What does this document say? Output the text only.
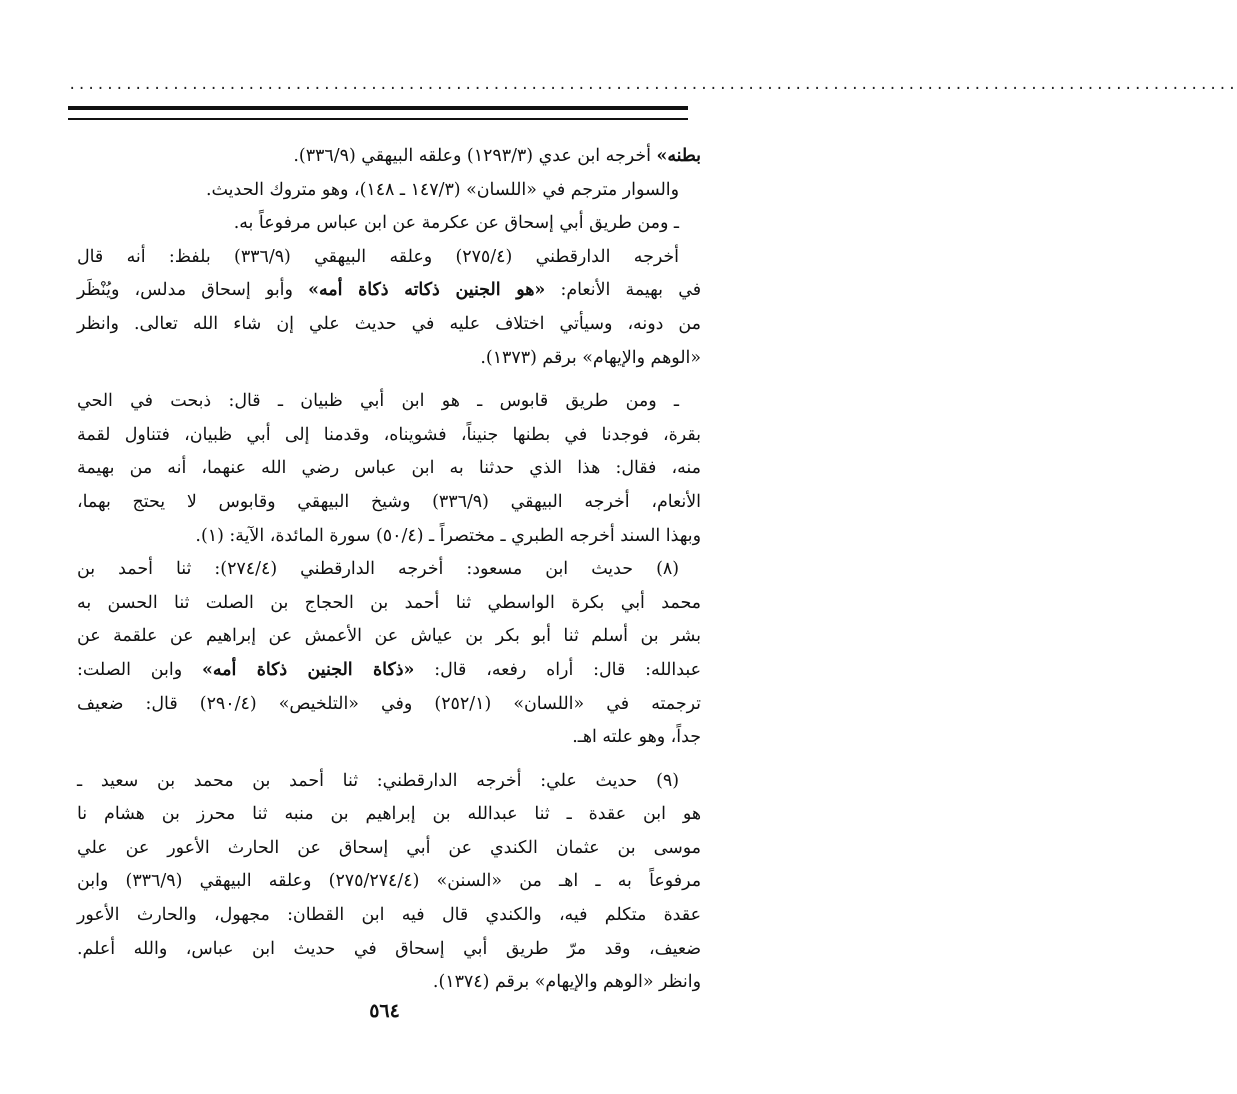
............................................................................................................................

بطنه» أخرجه ابن عدي (١٢٩٣/٣) وعلقه البيهقي (٣٣٦/٩).

والسوار مترجم في «اللسان» (١٤٧/٣ ـ ١٤٨)، وهو متروك الحديث.

ـ ومن طريق أبي إسحاق عن عكرمة عن ابن عباس مرفوعاً به.

أخرجه الدارقطني (٢٧٥/٤) وعلقه البيهقي (٣٣٦/٩) بلفظ: أنه قال
في بهيمة الأنعام: «هو الجنين ذكاته ذكاة أمه» وأبو إسحاق مدلس، ويُنْظَر
من دونه، وسيأتي اختلاف عليه في حديث علي إن شاء الله تعالى. وانظر
«الوهم والإيهام» برقم (١٣٧٣).

ـ ومن طريق قابوس ـ هو ابن أبي ظبيان ـ قال: ذبحت في الحي
بقرة، فوجدنا في بطنها جنيناً، فشويناه، وقدمنا إلى أبي ظبيان، فتناول لقمة
منه، فقال: هذا الذي حدثنا به ابن عباس رضي الله عنهما، أنه من بهيمة
الأنعام، أخرجه البيهقي (٣٣٦/٩) وشيخ البيهقي وقابوس لا يحتج بهما،
وبهذا السند أخرجه الطبري ـ مختصراً ـ (٥٠/٤) سورة المائدة، الآية: (١).

(٨) حديث ابن مسعود: أخرجه الدارقطني (٢٧٤/٤): ثنا أحمد بن
محمد أبي بكرة الواسطي ثنا أحمد بن الحجاج بن الصلت ثنا الحسن به
بشر بن أسلم ثنا أبو بكر بن عياش عن الأعمش عن إبراهيم عن علقمة عن
عبدالله: قال: أراه رفعه، قال: «ذكاة الجنين ذكاة أمه» وابن الصلت:
ترجمته في «اللسان» (٢٥٢/١) وفي «التلخيص» (٢٩٠/٤) قال: ضعيف
جداً، وهو علته اهـ.

(٩) حديث علي: أخرجه الدارقطني: ثنا أحمد بن محمد بن سعيد ـ
هو ابن عقدة ـ ثنا عبدالله بن إبراهيم بن منبه ثنا محرز بن هشام نا
موسى بن عثمان الكندي عن أبي إسحاق عن الحارث الأعور عن علي
مرفوعاً به ـ اهـ من «السنن» (٢٧٥/٢٧٤/٤) وعلقه البيهقي (٣٣٦/٩) وابن
عقدة متكلم فيه، والكندي قال فيه ابن القطان: مجهول، والحارث الأعور
ضعيف، وقد مرّ طريق أبي إسحاق في حديث ابن عباس، والله أعلم.
وانظر «الوهم والإيهام» برقم (١٣٧٤).

٥٦٤
